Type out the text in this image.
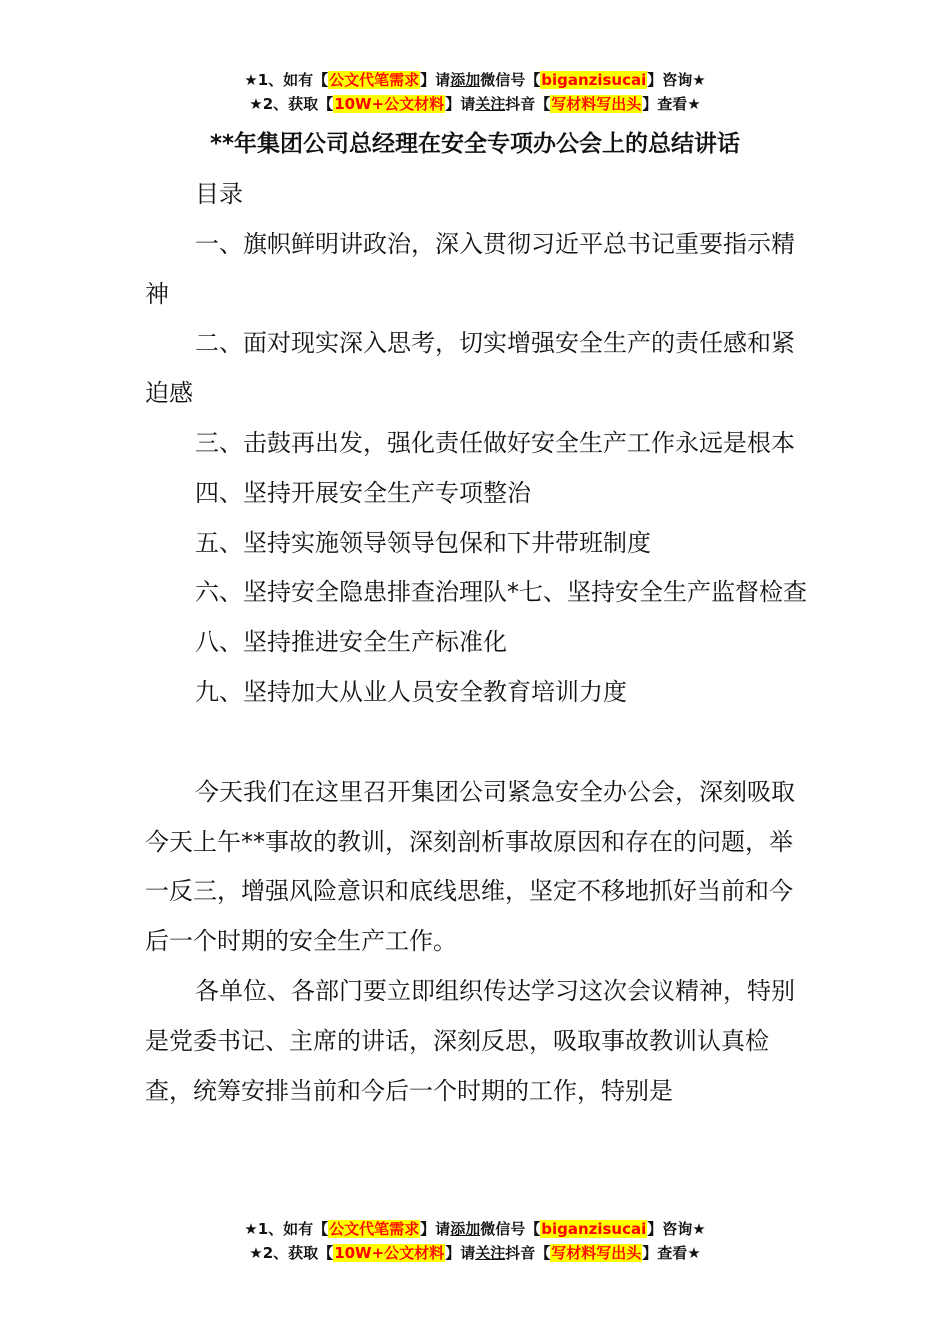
★1、如有【公文代笔需求】请添加微信号【biganzisucai】咨询★
★2、获取【10W+公文材料】请关注抖音【写材料写出头】查看★
**年集团公司总经理在安全专项办公会上的总结讲话

目录

一、旗帜鲜明讲政治，深入贯彻习近平总书记重要指示精神

二、面对现实深入思考，切实增强安全生产的责任感和紧迫感

三、击鼓再出发，强化责任做好安全生产工作永远是根本

四、坚持开展安全生产专项整治

五、坚持实施领导领导包保和下井带班制度

六、坚持安全隐患排查治理队*七、坚持安全生产监督检查

八、坚持推进安全生产标准化

九、坚持加大从业人员安全教育培训力度

今天我们在这里召开集团公司紧急安全办公会，深刻吸取今天上午**事故的教训，深刻剖析事故原因和存在的问题，举一反三，增强风险意识和底线思维，坚定不移地抓好当前和今后一个时期的安全生产工作。

各单位、各部门要立即组织传达学习这次会议精神，特别是党委书记、主席的讲话，深刻反思，吸取事故教训认真检查，统筹安排当前和今后一个时期的工作，特别是

★1、如有【公文代笔需求】请添加微信号【biganzisucai】咨询★
★2、获取【10W+公文材料】请关注抖音【写材料写出头】查看★
